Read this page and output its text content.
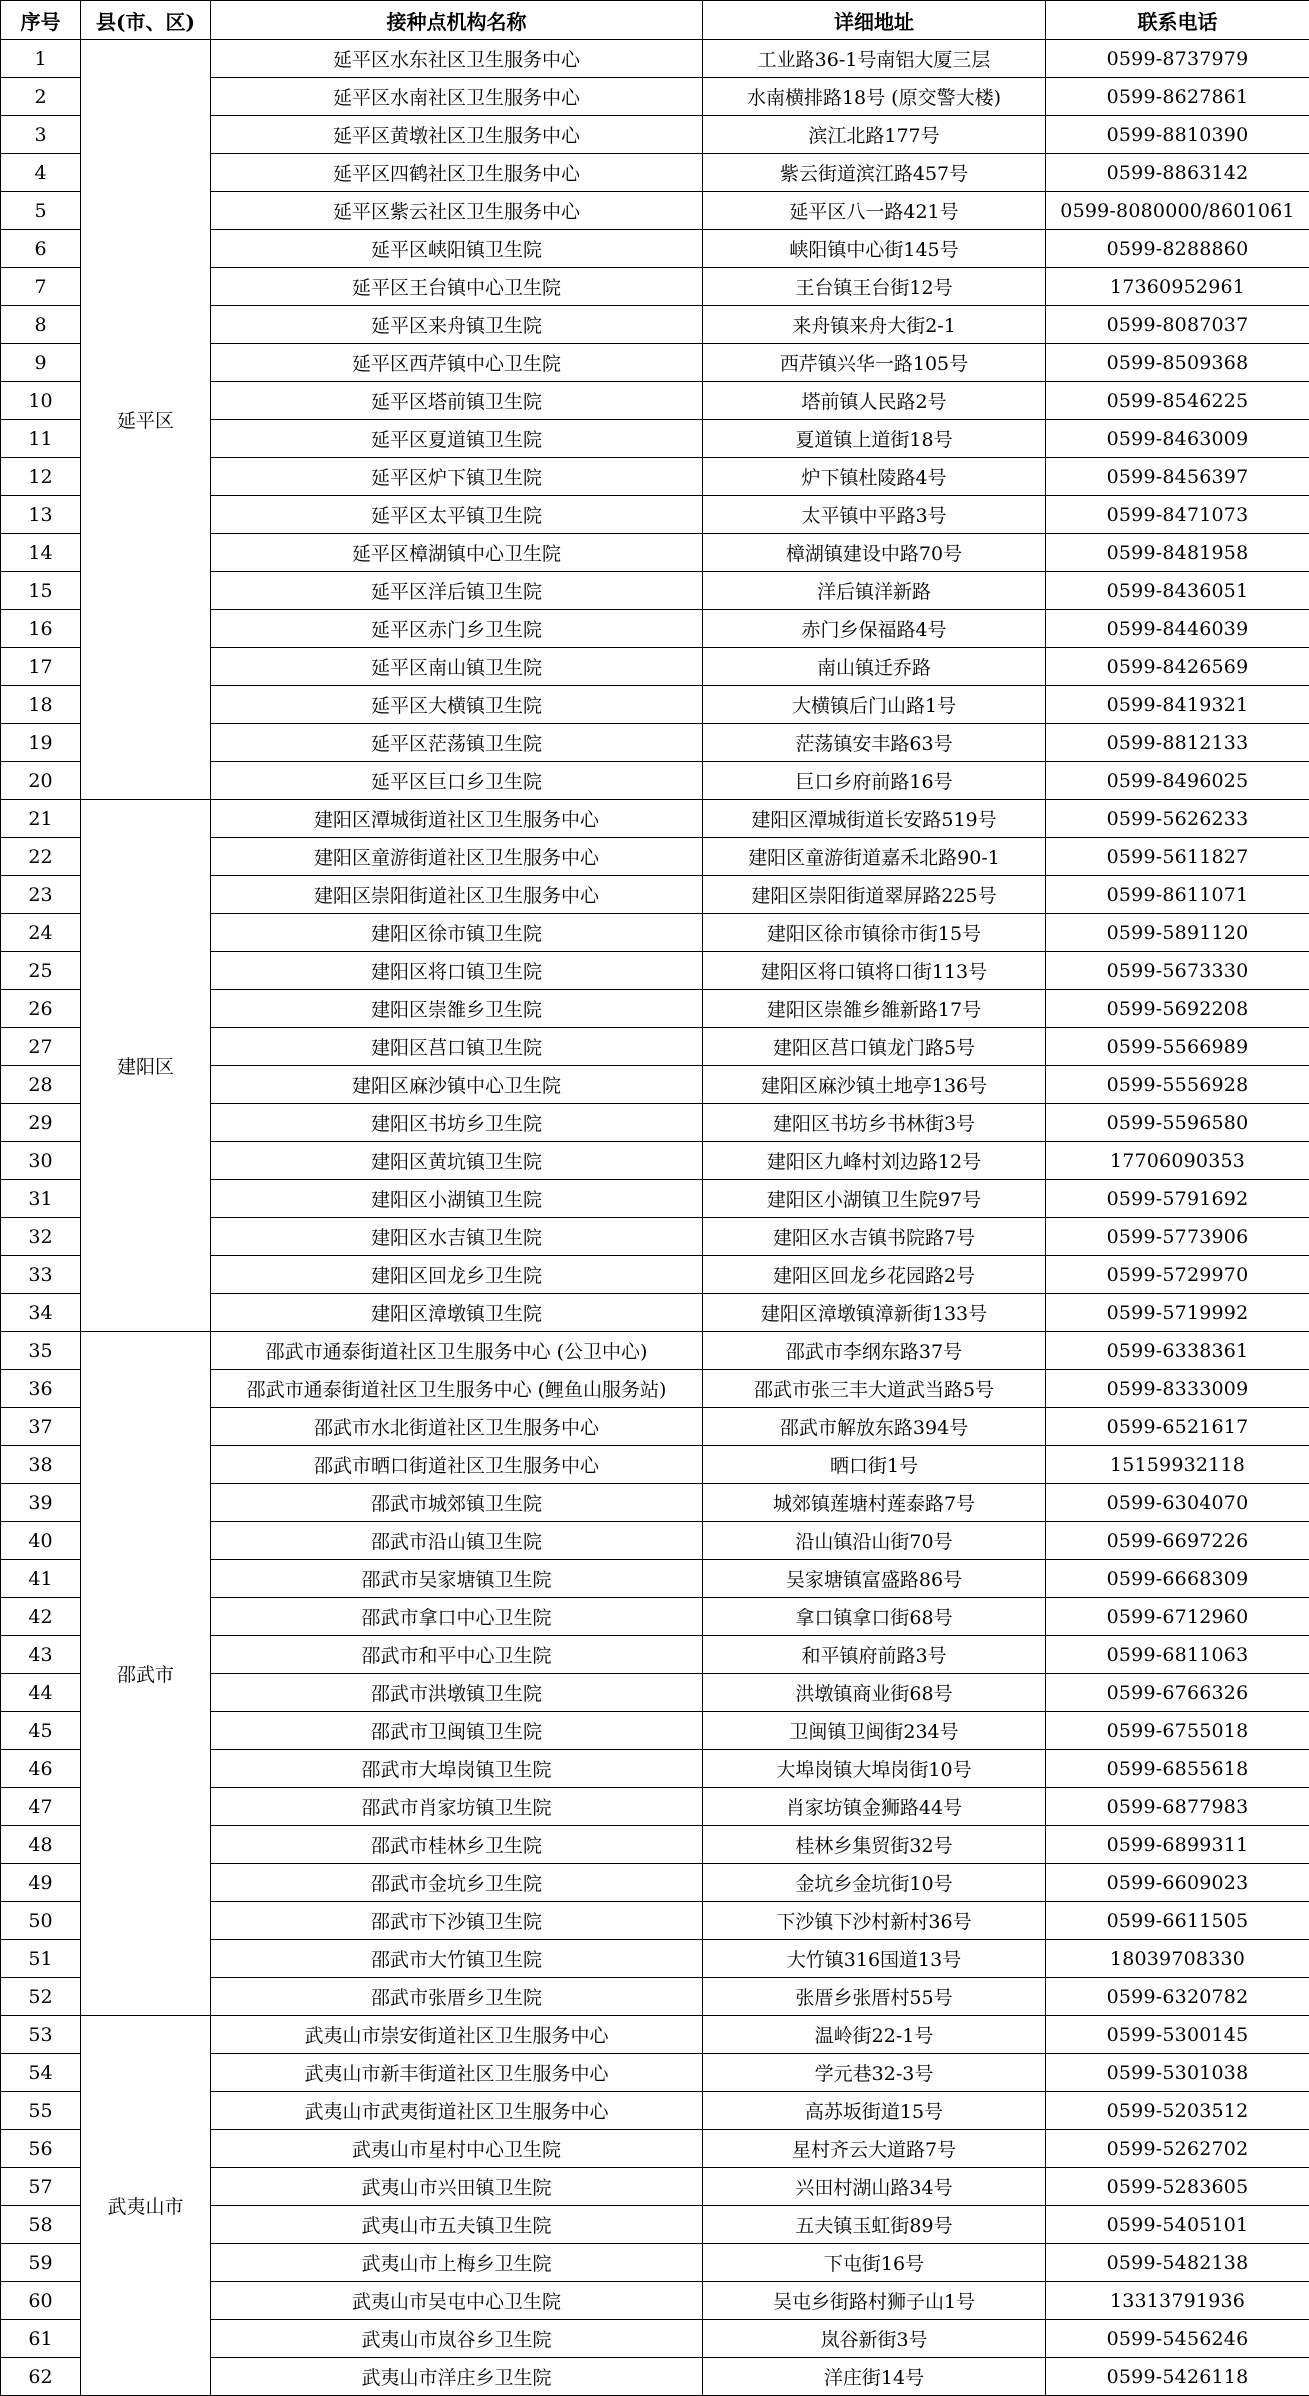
序号	县(市、区)	接种点机构名称	详细地址	联系电话
1	延平区	延平区水东社区卫生服务中心	工业路36-1号南铝大厦三层	0599-8737979
2		延平区水南社区卫生服务中心	水南横排路18号 (原交警大楼)	0599-8627861
3		延平区黄墩社区卫生服务中心	滨江北路177号	0599-8810390
4		延平区四鹤社区卫生服务中心	紫云街道滨江路457号	0599-8863142
5		延平区紫云社区卫生服务中心	延平区八一路421号	0599-8080000/8601061
6		延平区峡阳镇卫生院	峡阳镇中心街145号	0599-8288860
7		延平区王台镇中心卫生院	王台镇王台街12号	17360952961
8		延平区来舟镇卫生院	来舟镇来舟大街2-1	0599-8087037
9		延平区西芹镇中心卫生院	西芹镇兴华一路105号	0599-8509368
10		延平区塔前镇卫生院	塔前镇人民路2号	0599-8546225
11		延平区夏道镇卫生院	夏道镇上道街18号	0599-8463009
12		延平区炉下镇卫生院	炉下镇杜陵路4号	0599-8456397
13		延平区太平镇卫生院	太平镇中平路3号	0599-8471073
14		延平区樟湖镇中心卫生院	樟湖镇建设中路70号	0599-8481958
15		延平区洋后镇卫生院	洋后镇洋新路	0599-8436051
16		延平区赤门乡卫生院	赤门乡保福路4号	0599-8446039
17		延平区南山镇卫生院	南山镇迁乔路	0599-8426569
18		延平区大横镇卫生院	大横镇后门山路1号	0599-8419321
19		延平区茫荡镇卫生院	茫荡镇安丰路63号	0599-8812133
20		延平区巨口乡卫生院	巨口乡府前路16号	0599-8496025
21	建阳区	建阳区潭城街道社区卫生服务中心	建阳区潭城街道长安路519号	0599-5626233
22		建阳区童游街道社区卫生服务中心	建阳区童游街道嘉禾北路90-1	0599-5611827
23		建阳区崇阳街道社区卫生服务中心	建阳区崇阳街道翠屏路225号	0599-8611071
24		建阳区徐市镇卫生院	建阳区徐市镇徐市街15号	0599-5891120
25		建阳区将口镇卫生院	建阳区将口镇将口街113号	0599-5673330
26		建阳区崇雒乡卫生院	建阳区崇雒乡雒新路17号	0599-5692208
27		建阳区莒口镇卫生院	建阳区莒口镇龙门路5号	0599-5566989
28		建阳区麻沙镇中心卫生院	建阳区麻沙镇土地亭136号	0599-5556928
29		建阳区书坊乡卫生院	建阳区书坊乡书林街3号	0599-5596580
30		建阳区黄坑镇卫生院	建阳区九峰村刘边路12号	17706090353
31		建阳区小湖镇卫生院	建阳区小湖镇卫生院97号	0599-5791692
32		建阳区水吉镇卫生院	建阳区水吉镇书院路7号	0599-5773906
33		建阳区回龙乡卫生院	建阳区回龙乡花园路2号	0599-5729970
34		建阳区漳墩镇卫生院	建阳区漳墩镇漳新街133号	0599-5719992
35	邵武市	邵武市通泰街道社区卫生服务中心 (公卫中心)	邵武市李纲东路37号	0599-6338361
36		邵武市通泰街道社区卫生服务中心 (鲤鱼山服务站)	邵武市张三丰大道武当路5号	0599-8333009
37		邵武市水北街道社区卫生服务中心	邵武市解放东路394号	0599-6521617
38		邵武市晒口街道社区卫生服务中心	晒口街1号	15159932118
39		邵武市城郊镇卫生院	城郊镇莲塘村莲泰路7号	0599-6304070
40		邵武市沿山镇卫生院	沿山镇沿山街70号	0599-6697226
41		邵武市吴家塘镇卫生院	吴家塘镇富盛路86号	0599-6668309
42		邵武市拿口中心卫生院	拿口镇拿口街68号	0599-6712960
43		邵武市和平中心卫生院	和平镇府前路3号	0599-6811063
44		邵武市洪墩镇卫生院	洪墩镇商业街68号	0599-6766326
45		邵武市卫闽镇卫生院	卫闽镇卫闽街234号	0599-6755018
46		邵武市大埠岗镇卫生院	大埠岗镇大埠岗街10号	0599-6855618
47		邵武市肖家坊镇卫生院	肖家坊镇金狮路44号	0599-6877983
48		邵武市桂林乡卫生院	桂林乡集贸街32号	0599-6899311
49		邵武市金坑乡卫生院	金坑乡金坑街10号	0599-6609023
50		邵武市下沙镇卫生院	下沙镇下沙村新村36号	0599-6611505
51		邵武市大竹镇卫生院	大竹镇316国道13号	18039708330
52		邵武市张厝乡卫生院	张厝乡张厝村55号	0599-6320782
53	武夷山市	武夷山市崇安街道社区卫生服务中心	温岭街22-1号	0599-5300145
54		武夷山市新丰街道社区卫生服务中心	学元巷32-3号	0599-5301038
55		武夷山市武夷街道社区卫生服务中心	高苏坂街道15号	0599-5203512
56		武夷山市星村中心卫生院	星村齐云大道路7号	0599-5262702
57		武夷山市兴田镇卫生院	兴田村湖山路34号	0599-5283605
58		武夷山市五夫镇卫生院	五夫镇玉虹街89号	0599-5405101
59		武夷山市上梅乡卫生院	下屯街16号	0599-5482138
60		武夷山市吴屯中心卫生院	吴屯乡街路村狮子山1号	13313791936
61		武夷山市岚谷乡卫生院	岚谷新街3号	0599-5456246
62		武夷山市洋庄乡卫生院	洋庄街14号	0599-5426118
